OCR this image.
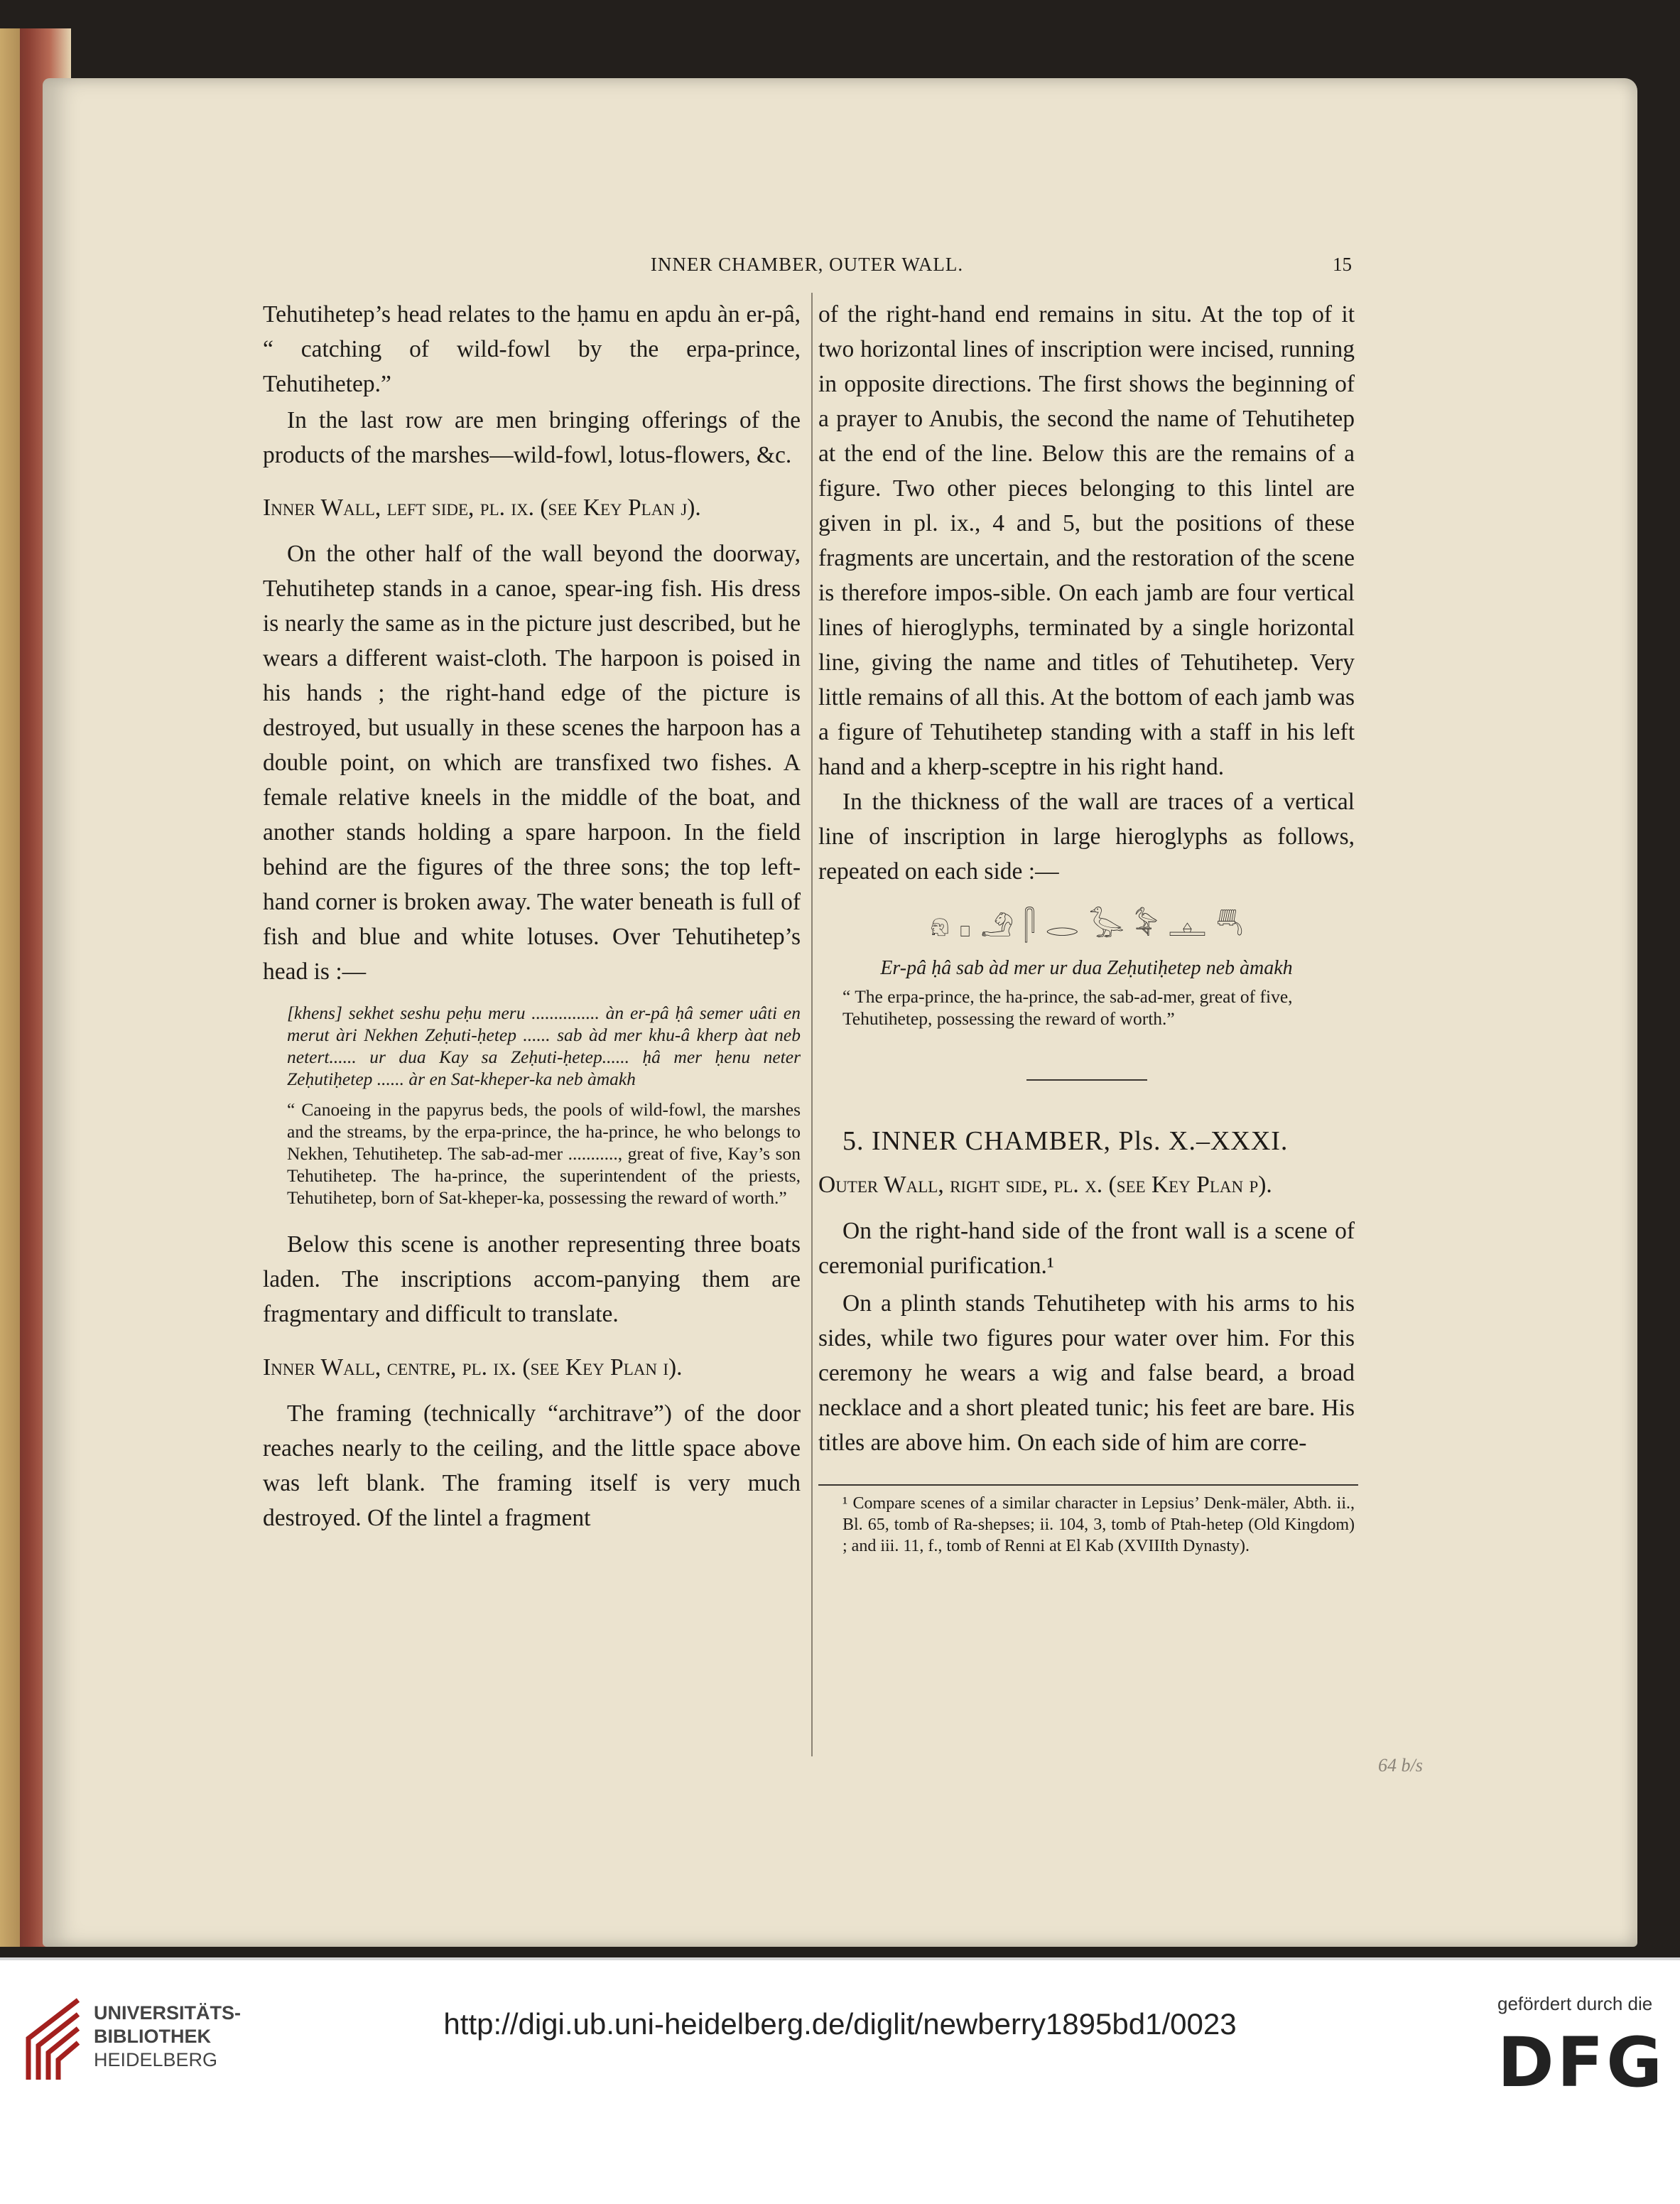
INNER CHAMBER, OUTER WALL.	15

Tehutihetep’s head relates to the ḥamu en apdu àn er-pâ, “ catching of wild-fowl by the erpa-prince, Tehutihetep.”

In the last row are men bringing offerings of the products of the marshes—wild-fowl, lotus-flowers, &c.

Inner Wall, left side, pl. ix. (see Key Plan j).

On the other half of the wall beyond the doorway, Tehutihetep stands in a canoe, spear-ing fish. His dress is nearly the same as in the picture just described, but he wears a different waist-cloth. The harpoon is poised in his hands ; the right-hand edge of the picture is destroyed, but usually in these scenes the harpoon has a double point, on which are transfixed two fishes. A female relative kneels in the middle of the boat, and another stands holding a spare harpoon. In the field behind are the figures of the three sons; the top left-hand corner is broken away. The water beneath is full of fish and blue and white lotuses. Over Tehutihetep’s head is :—

[khens] sekhet seshu peḥu meru ............... àn er-pâ ḥâ semer uâti en merut àri Nekhen Zeḥuti-ḥetep ...... sab àd mer khu-â kherp àat neb netert...... ur dua Kay sa Zeḥuti-ḥetep...... ḥâ mer ḥenu neter Zeḥutiḥetep ...... àr en Sat-kheper-ka neb àmakh
“ Canoeing in the papyrus beds, the pools of wild-fowl, the marshes and the streams, by the erpa-prince, the ha-prince, he who belongs to Nekhen, Tehutihetep. The sab-ad-mer ..........., great of five, Kay’s son Tehutihetep. The ha-prince, the superintendent of the priests, Tehutihetep, born of Sat-kheper-ka, possessing the reward of worth.”

Below this scene is another representing three boats laden. The inscriptions accom-panying them are fragmentary and difficult to translate.

Inner Wall, centre, pl. ix. (see Key Plan i).

The framing (technically “architrave”) of the door reaches nearly to the ceiling, and the little space above was left blank. The framing itself is very much destroyed. Of the lintel a fragment

of the right-hand end remains in situ. At the top of it two horizontal lines of inscription were incised, running in opposite directions. The first shows the beginning of a prayer to Anubis, the second the name of Tehutihetep at the end of the line. Below this are the remains of a figure. Two other pieces belonging to this lintel are given in pl. ix., 4 and 5, but the positions of these fragments are uncertain, and the restoration of the scene is therefore impos-sible. On each jamb are four vertical lines of hieroglyphs, terminated by a single horizontal line, giving the name and titles of Tehutihetep. Very little remains of all this. At the bottom of each jamb was a figure of Tehutihetep standing with a staff in his left hand and a kherp-sceptre in his right hand.

In the thickness of the wall are traces of a vertical line of inscription in large hieroglyphs as follows, repeated on each side :—

𓁶 𓊪 𓄂 𓋴 𓂋 𓅭 𓅝 𓊵 𓄪
Er-pâ ḥâ sab àd mer ur dua Zeḥutiḥetep neb àmakh
“ The erpa-prince, the ha-prince, the sab-ad-mer, great of five, Tehutihetep, possessing the reward of worth.”
5. INNER CHAMBER, Pls. X.–XXXI.
Outer Wall, right side, pl. x. (see Key Plan p).

On the right-hand side of the front wall is a scene of ceremonial purification.¹

On a plinth stands Tehutihetep with his arms to his sides, while two figures pour water over him. For this ceremony he wears a wig and false beard, a broad necklace and a short pleated tunic; his feet are bare. His titles are above him. On each side of him are corre-

¹ Compare scenes of a similar character in Lepsius’ Denk-mäler, Abth. ii., Bl. 65, tomb of Ra-shepses; ii. 104, 3, tomb of Ptah-hetep (Old Kingdom) ; and iii. 11, f., tomb of Renni at El Kab (XVIIIth Dynasty).
64 b/s
UNIVERSITÄTS-
BIBLIOTHEK
HEIDELBERG
http://digi.ub.uni-heidelberg.de/diglit/newberry1895bd1/0023
gefördert durch die
DFG
